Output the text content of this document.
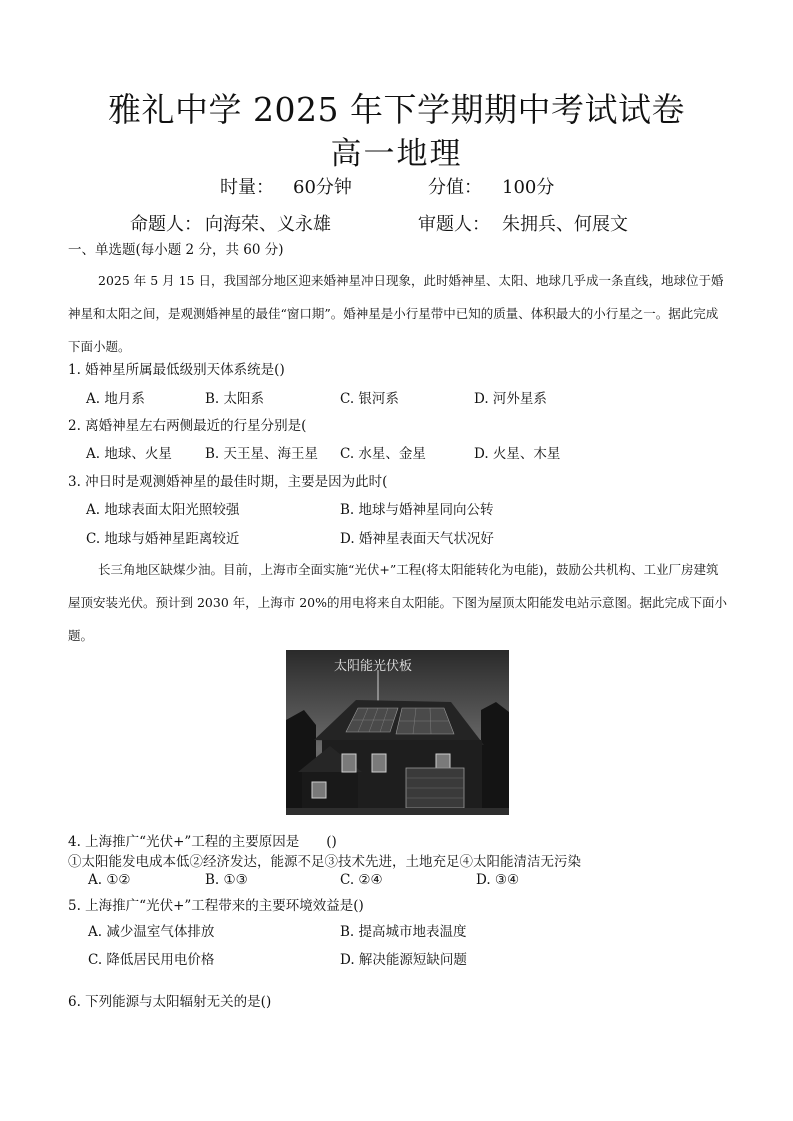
雅礼中学 2025 年下学期期中考试试卷
高一地理
时量： 60分钟	分值： 100分
命题人： 向海荣、义永雄	审题人： 朱拥兵、何展文
一、单选题(每小题 2 分，共 60 分)
2025 年 5 月 15 日，我国部分地区迎来婚神星冲日现象，此时婚神星、太阳、地球几乎成一条直线，地球位于婚神星和太阳之间，是观测婚神星的最佳“窗口期”。婚神星是小行星带中已知的质量、体积最大的小行星之一。据此完成下面小题。
1. 婚神星所属最低级别天体系统是()
A. 地月系	B. 太阳系	C. 银河系	D. 河外星系
2. 离婚神星左右两侧最近的行星分别是(
A. 地球、火星 B. 天王星、海王星 C. 水星、金星	D. 火星、木星
3. 冲日时是观测婚神星的最佳时期，主要是因为此时(
A. 地球表面太阳光照较强	B. 地球与婚神星同向公转
C. 地球与婚神星距离较近	D. 婚神星表面天气状况好
长三角地区缺煤少油。目前，上海市全面实施“光伏+”工程(将太阳能转化为电能)，鼓励公共机构、工业厂房建筑屋顶安装光伏。预计到 2030 年，上海市 20%的用电将来自太阳能。下图为屋顶太阳能发电站示意图。据此完成下面小题。
太阳能光伏板
4. 上海推广“光伏+”工程的主要原因是　　()
①太阳能发电成本低②经济发达，能源不足③技术先进，土地充足④太阳能清洁无污染
A. ①②	B. ①③	C. ②④	D. ③④
5. 上海推广“光伏+”工程带来的主要环境效益是()
A. 减少温室气体排放	B. 提高城市地表温度
C. 降低居民用电价格	D. 解决能源短缺问题
6. 下列能源与太阳辐射无关的是()
